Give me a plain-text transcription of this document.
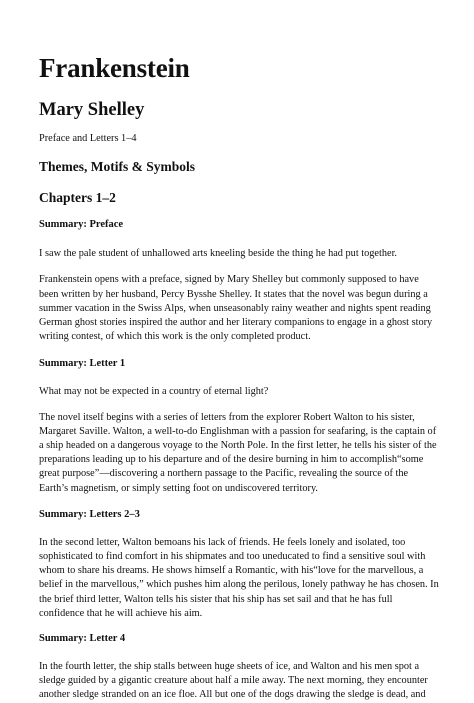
Frankenstein
Mary Shelley

Preface and Letters 1–4

Themes, Motifs & Symbols
Chapters 1–2
Summary: Preface

I saw the pale student of unhallowed arts kneeling beside the thing he had put together.

Frankenstein opens with a preface, signed by Mary Shelley but commonly supposed to have been written by her husband, Percy Bysshe Shelley. It states that the novel was begun during a summer vacation in the Swiss Alps, when unseasonably rainy weather and nights spent reading German ghost stories inspired the author and her literary companions to engage in a ghost story writing contest, of which this work is the only completed product.

Summary: Letter 1

What may not be expected in a country of eternal light?

The novel itself begins with a series of letters from the explorer Robert Walton to his sister, Margaret Saville. Walton, a well-to-do Englishman with a passion for seafaring, is the captain of a ship headed on a dangerous voyage to the North Pole. In the first letter, he tells his sister of the preparations leading up to his departure and of the desire burning in him to accomplish“some great purpose”—discovering a northern passage to the Pacific, revealing the source of the Earth’s magnetism, or simply setting foot on undiscovered territory.

Summary: Letters 2–3

In the second letter, Walton bemoans his lack of friends. He feels lonely and isolated, too sophisticated to find comfort in his shipmates and too uneducated to find a sensitive soul with whom to share his dreams. He shows himself a Romantic, with his“love for the marvellous, a belief in the marvellous,” which pushes him along the perilous, lonely pathway he has chosen. In the brief third letter, Walton tells his sister that his ship has set sail and that he has full confidence that he will achieve his aim.

Summary: Letter 4

In the fourth letter, the ship stalls between huge sheets of ice, and Walton and his men spot a sledge guided by a gigantic creature about half a mile away. The next morning, they encounter another sledge stranded on an ice floe. All but one of the dogs drawing the sledge is dead, and
